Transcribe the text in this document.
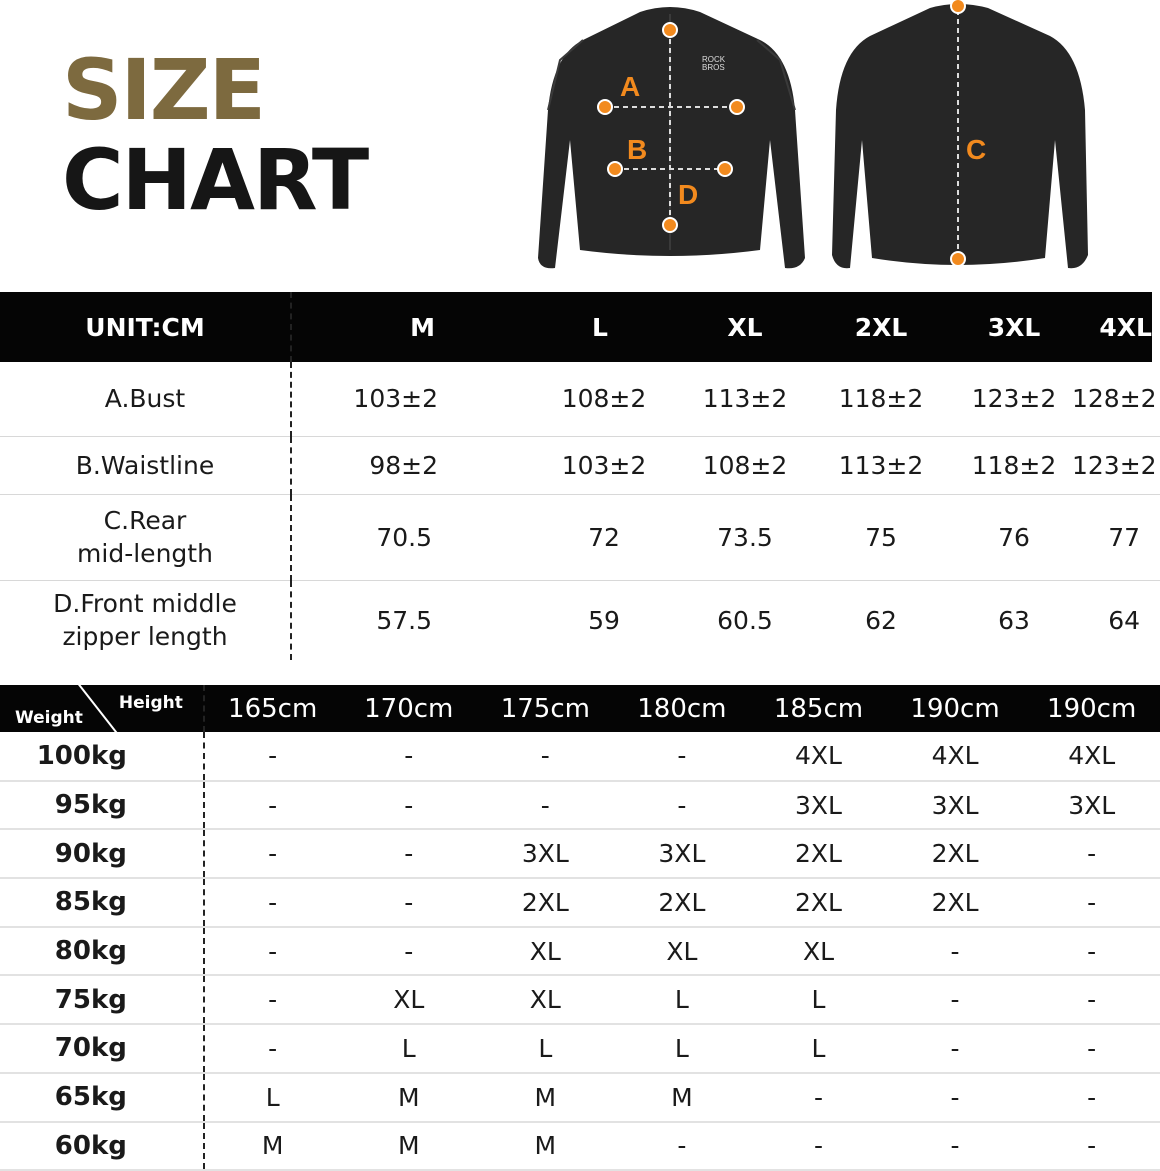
SIZE
CHART
ROCK
BROS
A
B
D
C
UNIT:CM	M	L	XL	2XL	3XL	4XL
A.Bust	103±2	108±2	113±2	118±2	123±2	128±2
B.Waistline	98±2	103±2	108±2	113±2	118±2	123±2

C.Rear
mid-length	70.5	72	73.5	75	76	77

D.Front middle
zipper length	57.5	59	60.5	62	63	64
Height
Weight	165cm	170cm	175cm	180cm	185cm	190cm	190cm
100kg	-	-	-	-	4XL	4XL	4XL
95kg	-	-	-	-	3XL	3XL	3XL
90kg	-	-	3XL	3XL	2XL	2XL	-
85kg	-	-	2XL	2XL	2XL	2XL	-
80kg	-	-	XL	XL	XL	-	-
75kg	-	XL	XL	L	L	-	-
70kg	-	L	L	L	L	-	-
65kg	L	M	M	M	-	-	-
60kg	M	M	M	-	-	-	-
